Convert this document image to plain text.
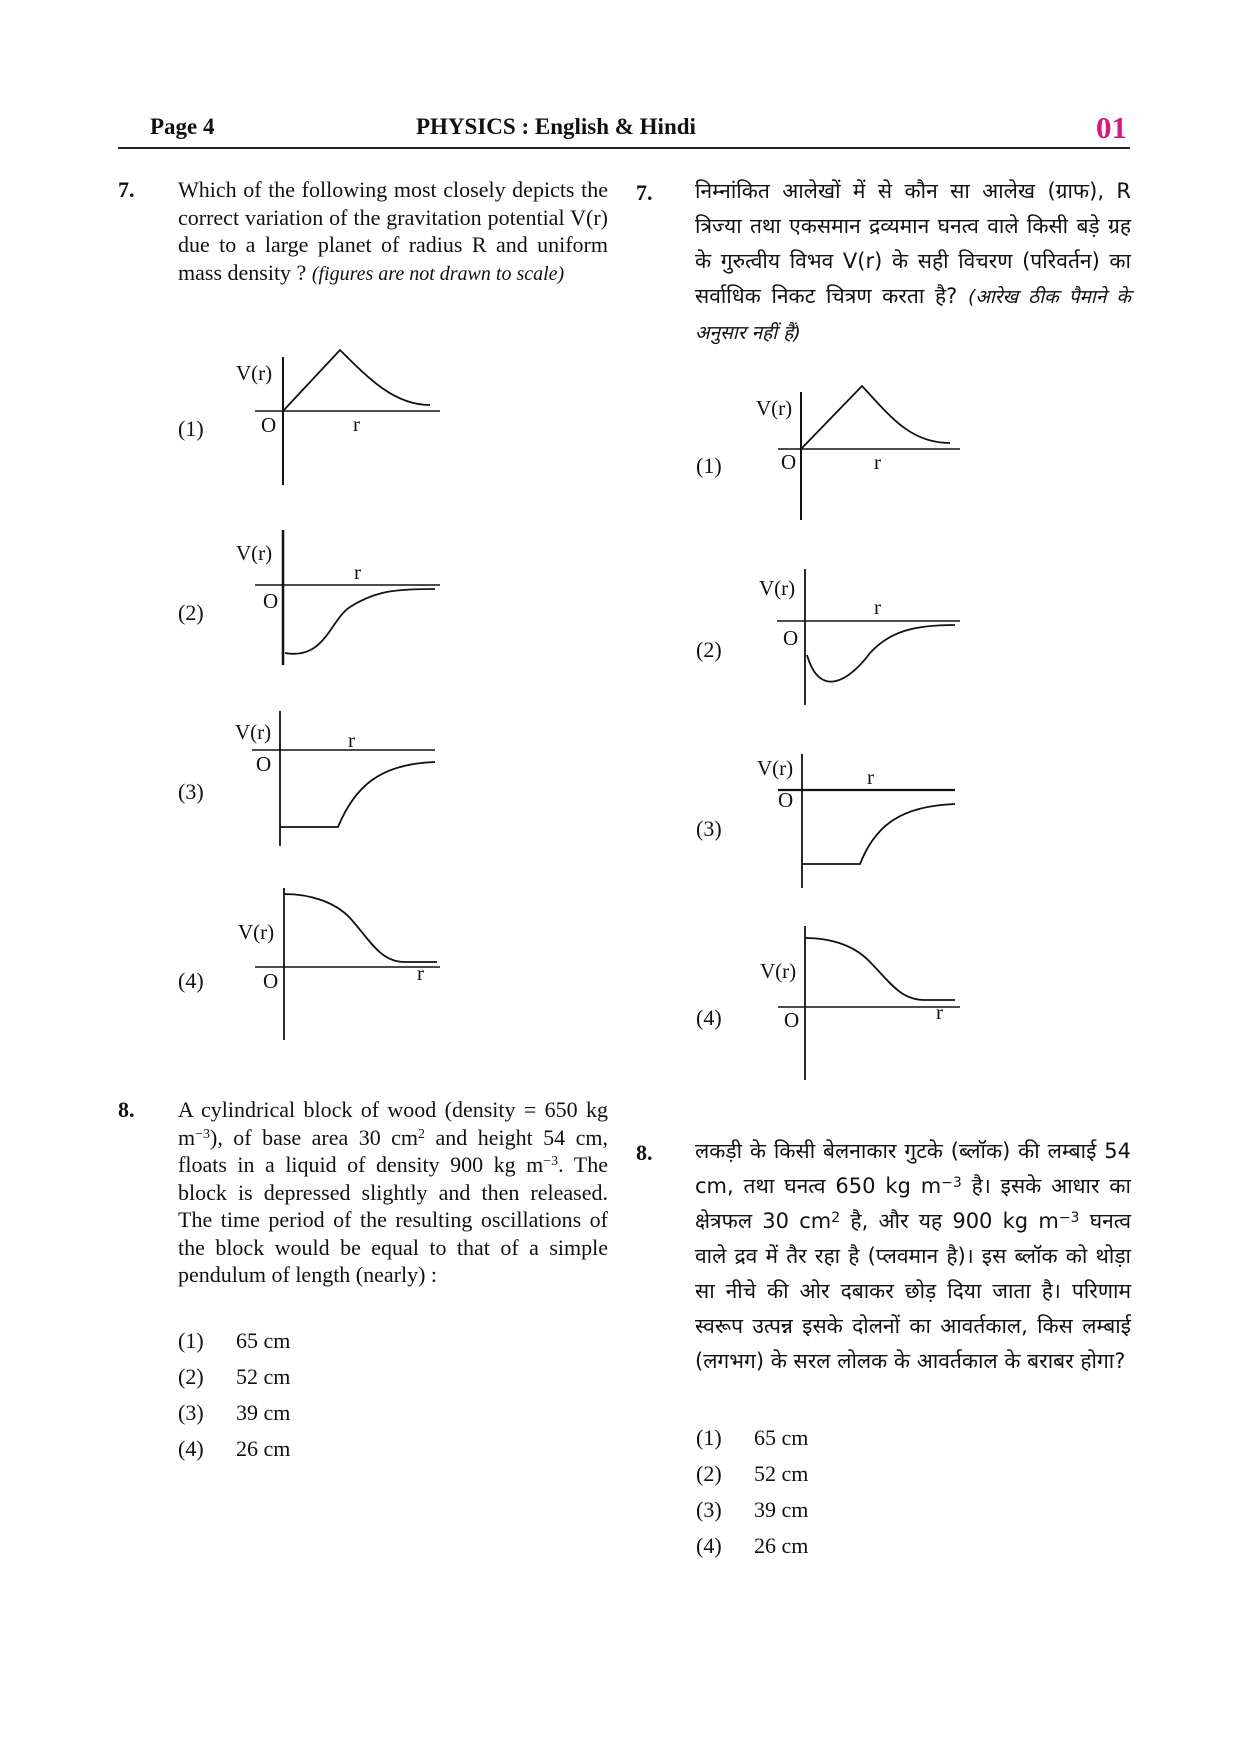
Page 4	PHYSICS : English & Hindi	01
7. Which of the following most closely depicts the correct variation of the gravitation potential V(r) due to a large planet of radius R and uniform mass density ? (figures are not drawn to scale)
(1)
V(r)
O	r
(2)
V(r)
O
r
(3)
V(r)
O
r
(4)
V(r)
O	r
7. निम्नांकित आलेखों में से कौन सा आलेख (ग्राफ), R त्रिज्या तथा एकसमान द्रव्यमान घनत्व वाले किसी बड़े ग्रह के गुरुत्वीय विभव V(r) के सही विचरण (परिवर्तन) का सर्वाधिक निकट चित्रण करता है? (आरेख ठीक पैमाने के अनुसार नहीं हैं)
(1)
V(r)
O	r
(2)
V(r)
O
r
(3)
V(r)
O
r
(4)
V(r)
O	r
8. A cylindrical block of wood (density = 650 kg $m^{-3}$), of base area 30 $cm^2$ and height 54 cm, floats in a liquid of density 900 kg $m^{-3}$. The block is depressed slightly and then released. The time period of the resulting oscillations of the block would be equal to that of a simple pendulum of length (nearly) :
(1) 65 cm
(2) 52 cm
(3) 39 cm
(4) 26 cm
8. लकड़ी के किसी बेलनाकार गुटके (ब्लॉक) की लम्बाई 54 cm, तथा घनत्व 650 kg $m^{-3}$ है। इसके आधार का क्षेत्रफल 30 $cm^2$ है, और यह 900 kg $m^{-3}$ घनत्व वाले द्रव में तैर रहा है (प्लवमान है)। इस ब्लॉक को थोड़ा सा नीचे की ओर दबाकर छोड़ दिया जाता है। परिणाम स्वरूप उत्पन्न इसके दोलनों का आवर्तकाल, किस लम्बाई (लगभग) के सरल लोलक के आवर्तकाल के बराबर होगा?
(1) 65 cm
(2) 52 cm
(3) 39 cm
(4) 26 cm
